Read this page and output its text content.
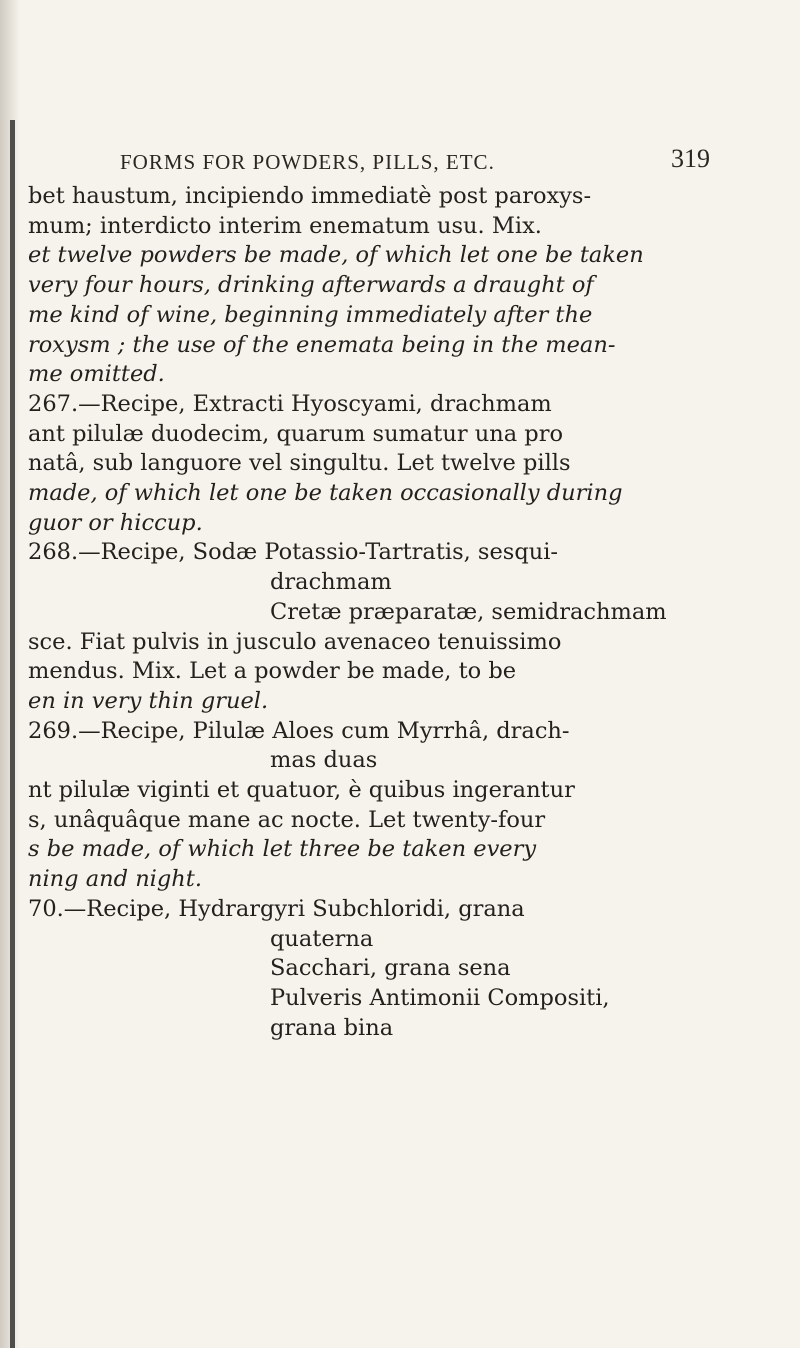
FORMS FOR POWDERS, PILLS, ETC.	319
bet haustum, incipiendo immediatè post paroxys-
mum; interdicto interim enematum usu. Mix.
et twelve powders be made, of which let one be taken
very four hours, drinking afterwards a draught of
me kind of wine, beginning immediately after the
roxysm ; the use of the enemata being in the mean-
me omitted.
267.—Recipe, Extracti Hyoscyami, drachmam
ant pilulæ duodecim, quarum sumatur una pro
natâ, sub languore vel singultu. Let twelve pills
made, of which let one be taken occasionally during
guor or hiccup.
268.—Recipe, Sodæ Potassio-Tartratis, sesqui-
drachmam
Cretæ præparatæ, semidrachmam
sce. Fiat pulvis in jusculo avenaceo tenuissimo
mendus. Mix. Let a powder be made, to be
en in very thin gruel.
269.—Recipe, Pilulæ Aloes cum Myrrhâ, drach-
mas duas
nt pilulæ viginti et quatuor, è quibus ingerantur
s, unâquâque mane ac nocte. Let twenty-four
s be made, of which let three be taken every
ning and night.
70.—Recipe, Hydrargyri Subchloridi, grana
quaterna
Sacchari, grana sena
Pulveris Antimonii Compositi,
grana bina
